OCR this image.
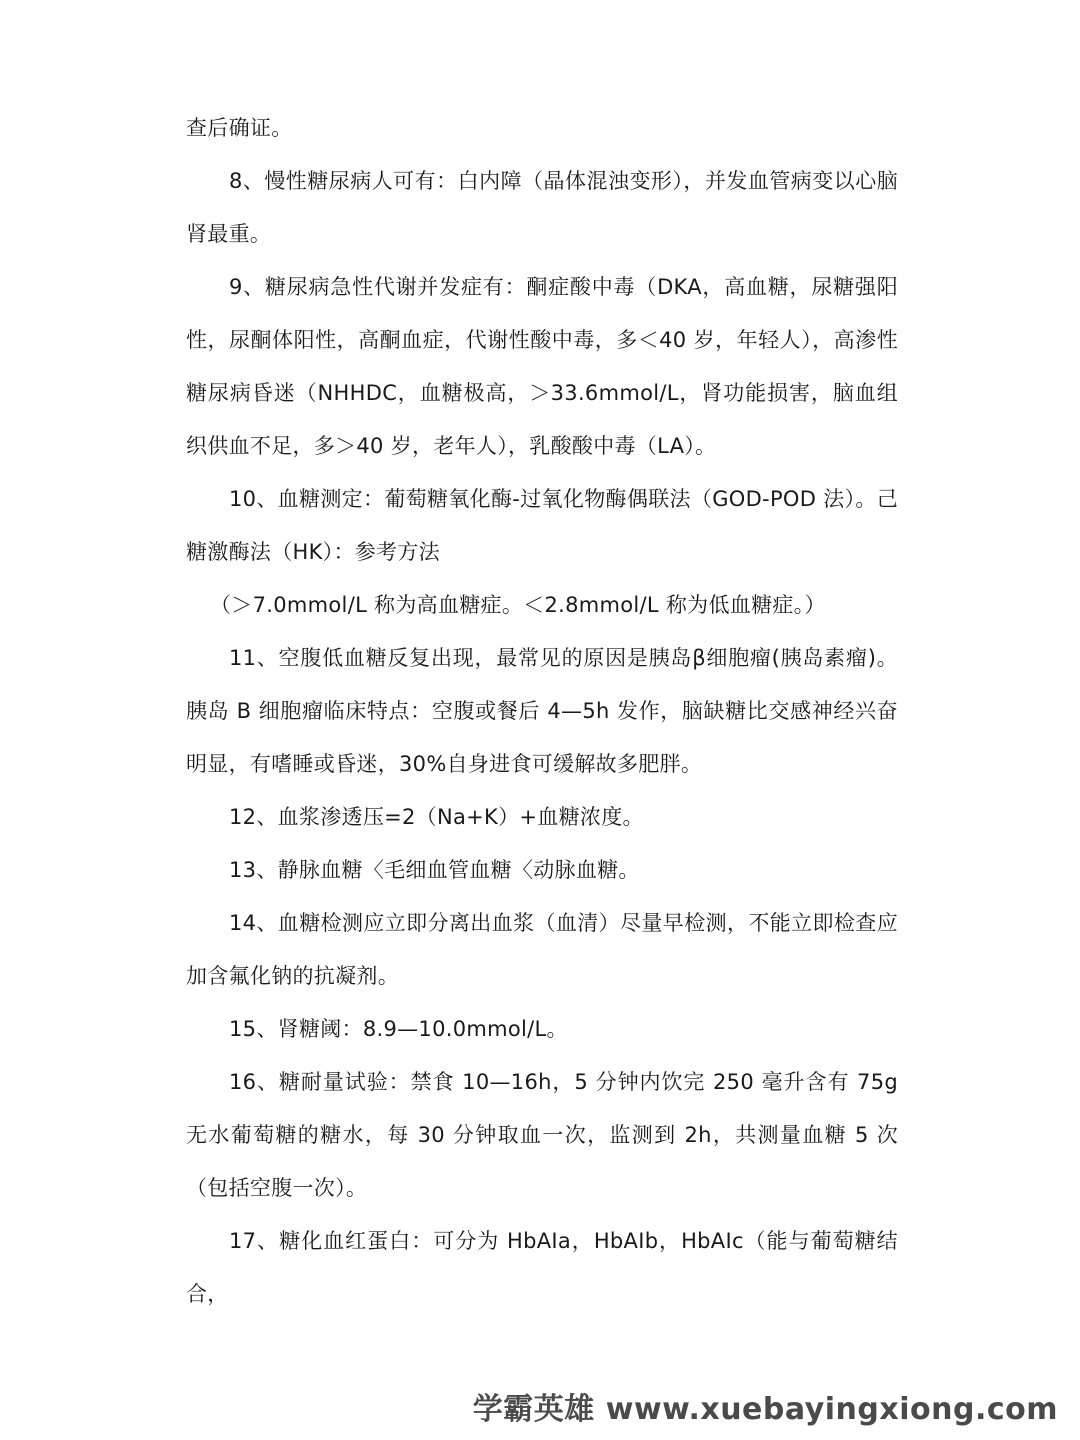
查后确证。

8、慢性糖尿病人可有：白内障（晶体混浊变形），并发血管病变以心脑肾最重。

9、糖尿病急性代谢并发症有：酮症酸中毒（DKA，高血糖，尿糖强阳性，尿酮体阳性，高酮血症，代谢性酸中毒，多＜40 岁，年轻人），高渗性糖尿病昏迷（NHHDC，血糖极高，＞33.6mmol/L，肾功能损害，脑血组织供血不足，多＞40 岁，老年人），乳酸酸中毒（LA）。

10、血糖测定：葡萄糖氧化酶-过氧化物酶偶联法（GOD-POD 法）。己糖激酶法（HK）：参考方法

（＞7.0mmol/L 称为高血糖症。＜2.8mmol/L 称为低血糖症。）

11、空腹低血糖反复出现，最常见的原因是胰岛β细胞瘤(胰岛素瘤)。胰岛 B 细胞瘤临床特点：空腹或餐后 4—5h 发作，脑缺糖比交感神经兴奋明显，有嗜睡或昏迷，30%自身进食可缓解故多肥胖。

12、血浆渗透压=2（Na+K）+血糖浓度。

13、静脉血糖〈毛细血管血糖〈动脉血糖。

14、血糖检测应立即分离出血浆（血清）尽量早检测，不能立即检查应加含氟化钠的抗凝剂。

15、肾糖阈：8.9—10.0mmol/L。

16、糖耐量试验：禁食 10—16h，5 分钟内饮完 250 毫升含有 75g 无水葡萄糖的糖水，每 30 分钟取血一次，监测到 2h，共测量血糖 5 次（包括空腹一次）。

17、糖化血红蛋白：可分为 HbAIa，HbAIb，HbAIc（能与葡萄糖结合，

学霸英雄 www.xuebayingxiong.com
